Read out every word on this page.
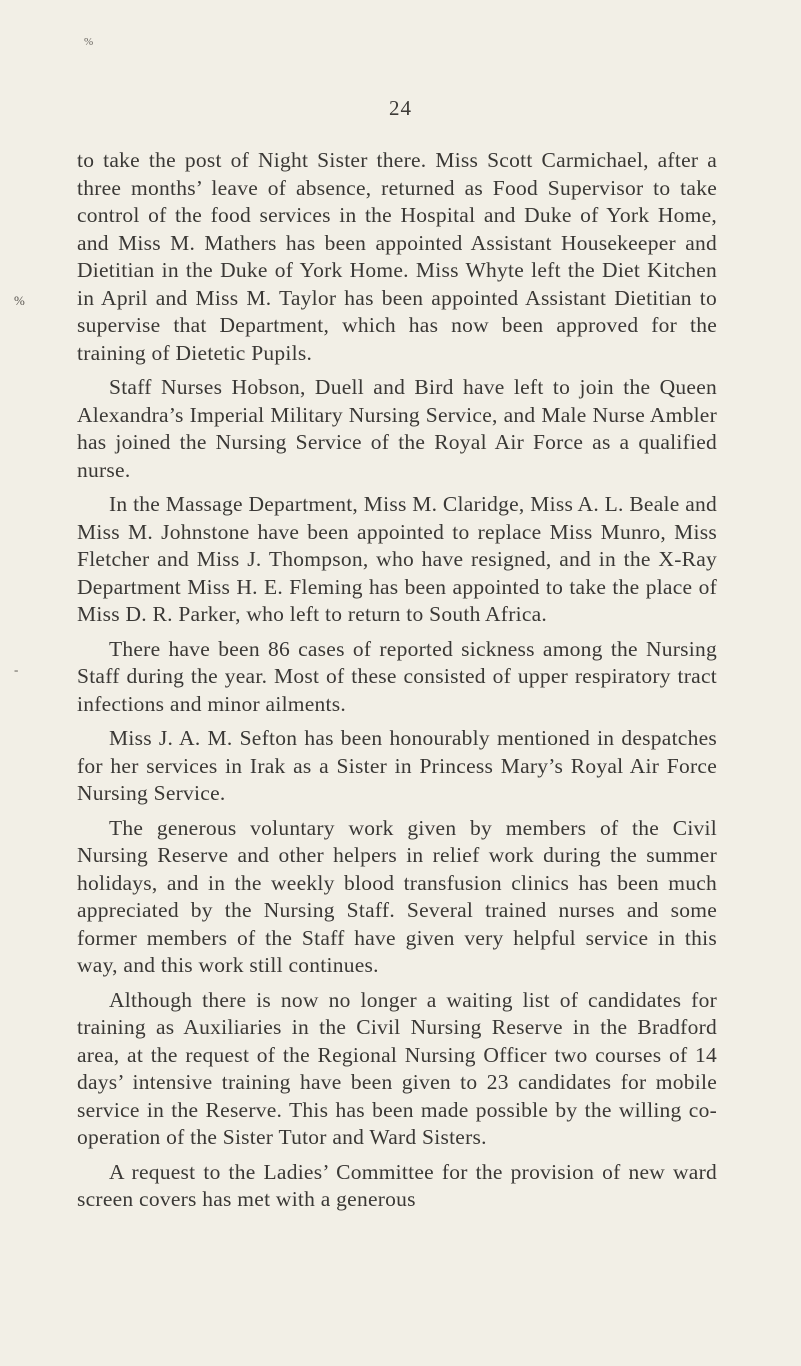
%
%
-
24

to take the post of Night Sister there. Miss Scott Carmichael, after a three months’ leave of absence, returned as Food Supervisor to take control of the food services in the Hospital and Duke of York Home, and Miss M. Mathers has been appointed Assistant Housekeeper and Dietitian in the Duke of York Home. Miss Whyte left the Diet Kitchen in April and Miss M. Taylor has been appointed Assistant Dietitian to supervise that Department, which has now been approved for the training of Dietetic Pupils.

Staff Nurses Hobson, Duell and Bird have left to join the Queen Alexandra’s Imperial Military Nursing Service, and Male Nurse Ambler has joined the Nursing Service of the Royal Air Force as a qualified nurse.

In the Massage Department, Miss M. Claridge, Miss A. L. Beale and Miss M. Johnstone have been appointed to replace Miss Munro, Miss Fletcher and Miss J. Thompson, who have resigned, and in the X-Ray Department Miss H. E. Fleming has been appointed to take the place of Miss D. R. Parker, who left to return to South Africa.

There have been 86 cases of reported sickness among the Nursing Staff during the year. Most of these consisted of upper respiratory tract infections and minor ailments.

Miss J. A. M. Sefton has been honourably mentioned in despatches for her services in Irak as a Sister in Princess Mary’s Royal Air Force Nursing Service.

The generous voluntary work given by members of the Civil Nursing Reserve and other helpers in relief work during the summer holidays, and in the weekly blood transfusion clinics has been much appreciated by the Nursing Staff. Several trained nurses and some former members of the Staff have given very helpful service in this way, and this work still continues.

Although there is now no longer a waiting list of candidates for training as Auxiliaries in the Civil Nursing Reserve in the Bradford area, at the request of the Regional Nursing Officer two courses of 14 days’ intensive training have been given to 23 candidates for mobile service in the Reserve. This has been made possible by the willing co-operation of the Sister Tutor and Ward Sisters.

A request to the Ladies’ Committee for the provision of new ward screen covers has met with a generous
